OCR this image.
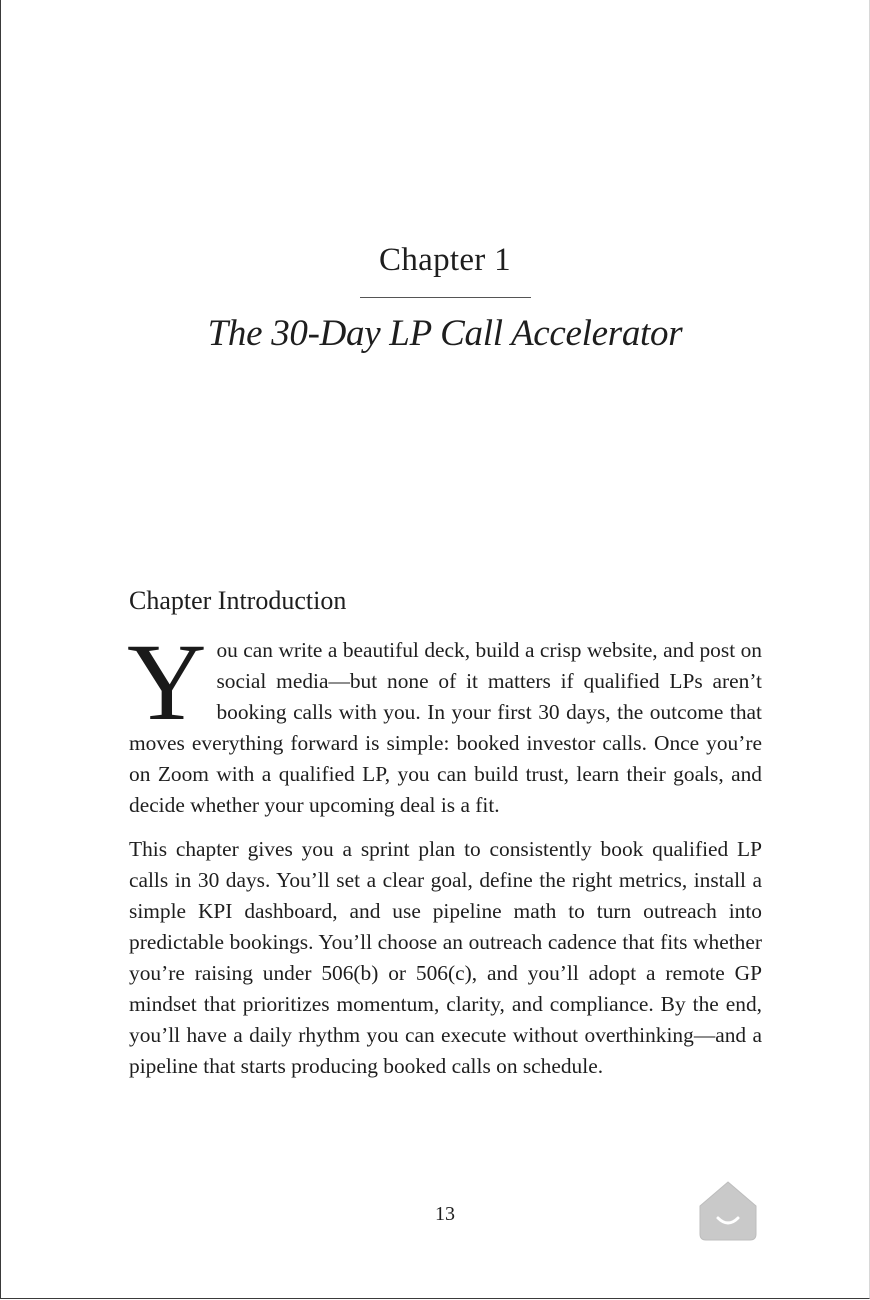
Chapter 1
The 30-Day LP Call Accelerator
Chapter Introduction

You can write a beautiful deck, build a crisp website, and post on social media—but none of it matters if qualified LPs aren’t booking calls with you. In your first 30 days, the outcome that moves everything forward is simple: booked investor calls. Once you’re on Zoom with a qualified LP, you can build trust, learn their goals, and decide whether your upcoming deal is a fit.

This chapter gives you a sprint plan to consistently book qualified LP calls in 30 days. You’ll set a clear goal, define the right metrics, install a simple KPI dashboard, and use pipeline math to turn outreach into predictable bookings. You’ll choose an outreach cadence that fits whether you’re raising under 506(b) or 506(c), and you’ll adopt a remote GP mindset that prioritizes momentum, clarity, and compliance. By the end, you’ll have a daily rhythm you can execute without overthinking—and a pipeline that starts producing booked calls on schedule.

13
